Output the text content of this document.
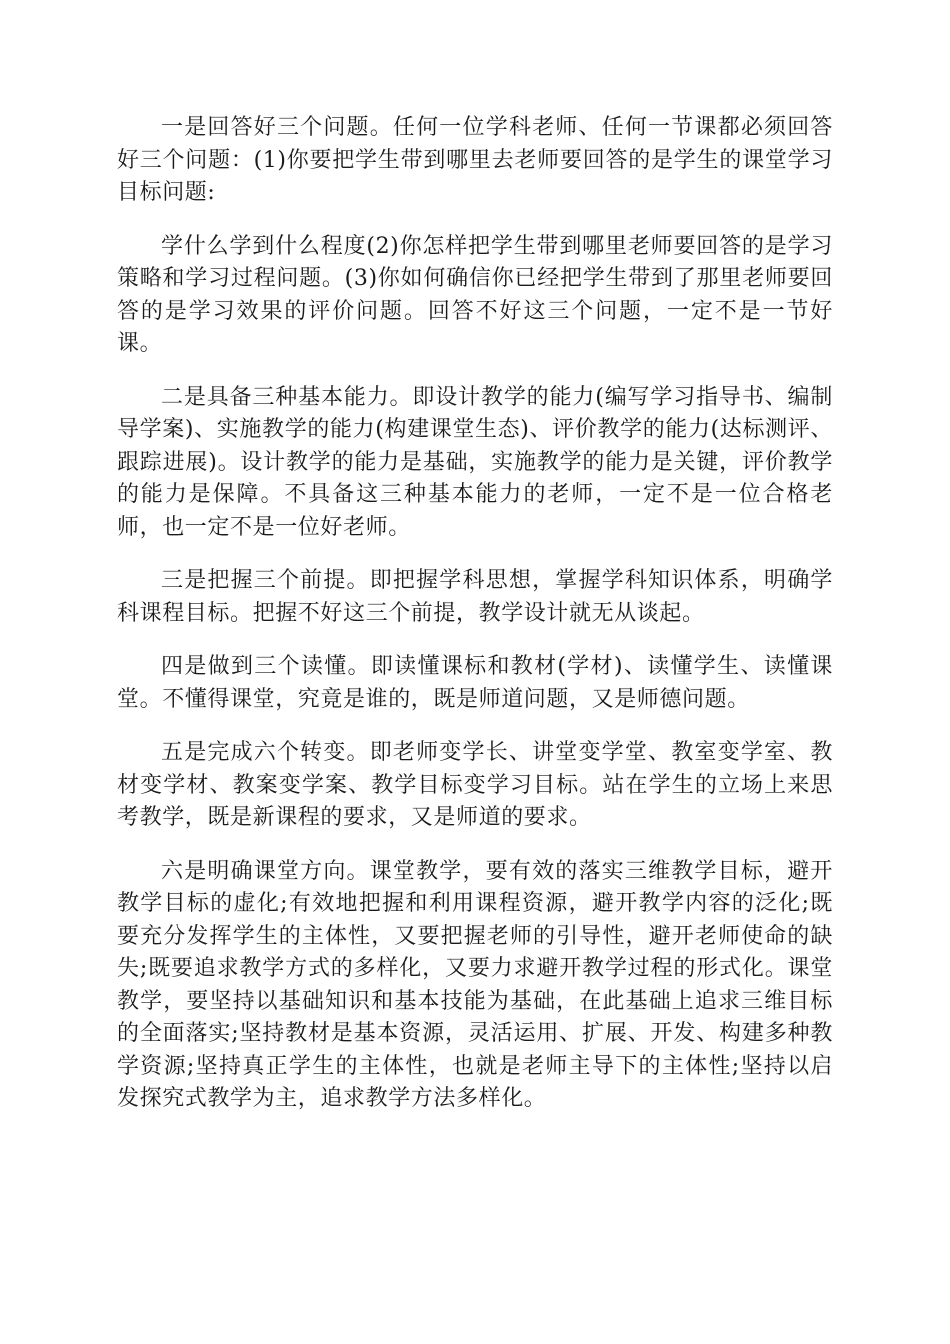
一是回答好三个问题。任何一位学科老师、任何一节课都必须回答好三个问题：(1)你要把学生带到哪里去老师要回答的是学生的课堂学习目标问题:

学什么学到什么程度(2)你怎样把学生带到哪里老师要回答的是学习策略和学习过程问题。(3)你如何确信你已经把学生带到了那里老师要回答的是学习效果的评价问题。回答不好这三个问题，一定不是一节好课。

二是具备三种基本能力。即设计教学的能力(编写学习指导书、编制导学案)、实施教学的能力(构建课堂生态)、评价教学的能力(达标测评、跟踪进展)。设计教学的能力是基础，实施教学的能力是关键，评价教学的能力是保障。不具备这三种基本能力的老师，一定不是一位合格老师，也一定不是一位好老师。

三是把握三个前提。即把握学科思想，掌握学科知识体系，明确学科课程目标。把握不好这三个前提，教学设计就无从谈起。

四是做到三个读懂。即读懂课标和教材(学材)、读懂学生、读懂课堂。不懂得课堂，究竟是谁的，既是师道问题，又是师德问题。

五是完成六个转变。即老师变学长、讲堂变学堂、教室变学室、教材变学材、教案变学案、教学目标变学习目标。站在学生的立场上来思考教学，既是新课程的要求，又是师道的要求。

六是明确课堂方向。课堂教学，要有效的落实三维教学目标，避开教学目标的虚化;有效地把握和利用课程资源，避开教学内容的泛化;既要充分发挥学生的主体性，又要把握老师的引导性，避开老师使命的缺失;既要追求教学方式的多样化，又要力求避开教学过程的形式化。课堂教学，要坚持以基础知识和基本技能为基础，在此基础上追求三维目标的全面落实;坚持教材是基本资源，灵活运用、扩展、开发、构建多种教学资源;坚持真正学生的主体性，也就是老师主导下的主体性;坚持以启发探究式教学为主，追求教学方法多样化。
